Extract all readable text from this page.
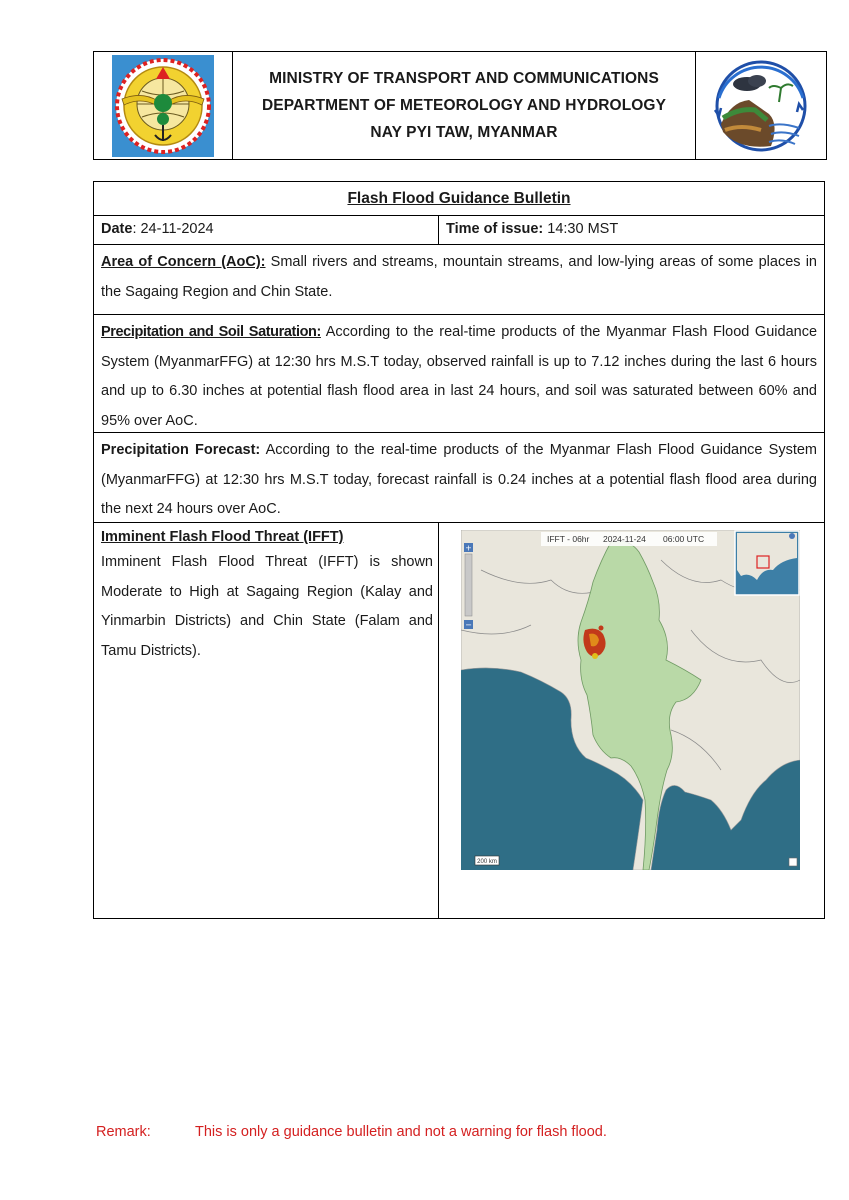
MINISTRY OF TRANSPORT AND COMMUNICATIONS
DEPARTMENT OF METEOROLOGY AND HYDROLOGY
NAY PYI TAW, MYANMAR
Flash Flood Guidance Bulletin
Date: 24-11-2024	Time of issue: 14:30 MST
Area of Concern (AoC): Small rivers and streams, mountain streams, and low-lying areas of some places in the Sagaing Region and Chin State.
Precipitation and Soil Saturation: According to the real-time products of the Myanmar Flash Flood Guidance System (MyanmarFFG) at 12:30 hrs M.S.T today, observed rainfall is up to 7.12 inches during the last 6 hours and up to 6.30 inches at potential flash flood area in last 24 hours, and soil was saturated between 60% and 95% over AoC.
Precipitation Forecast: According to the real-time products of the Myanmar Flash Flood Guidance System (MyanmarFFG) at 12:30 hrs M.S.T today, forecast rainfall is 0.24 inches at a potential flash flood area during the next 24 hours over AoC.
Imminent Flash Flood Threat (IFFT)
Imminent Flash Flood Threat (IFFT) is shown Moderate to High at Sagaing Region (Kalay and Yinmarbin Districts) and Chin State (Falam and Tamu Districts).
IFFT - 06hr 2024-11-24 06:00 UTC
+
−
200 km
Remark:	This is only a guidance bulletin and not a warning for flash flood.
